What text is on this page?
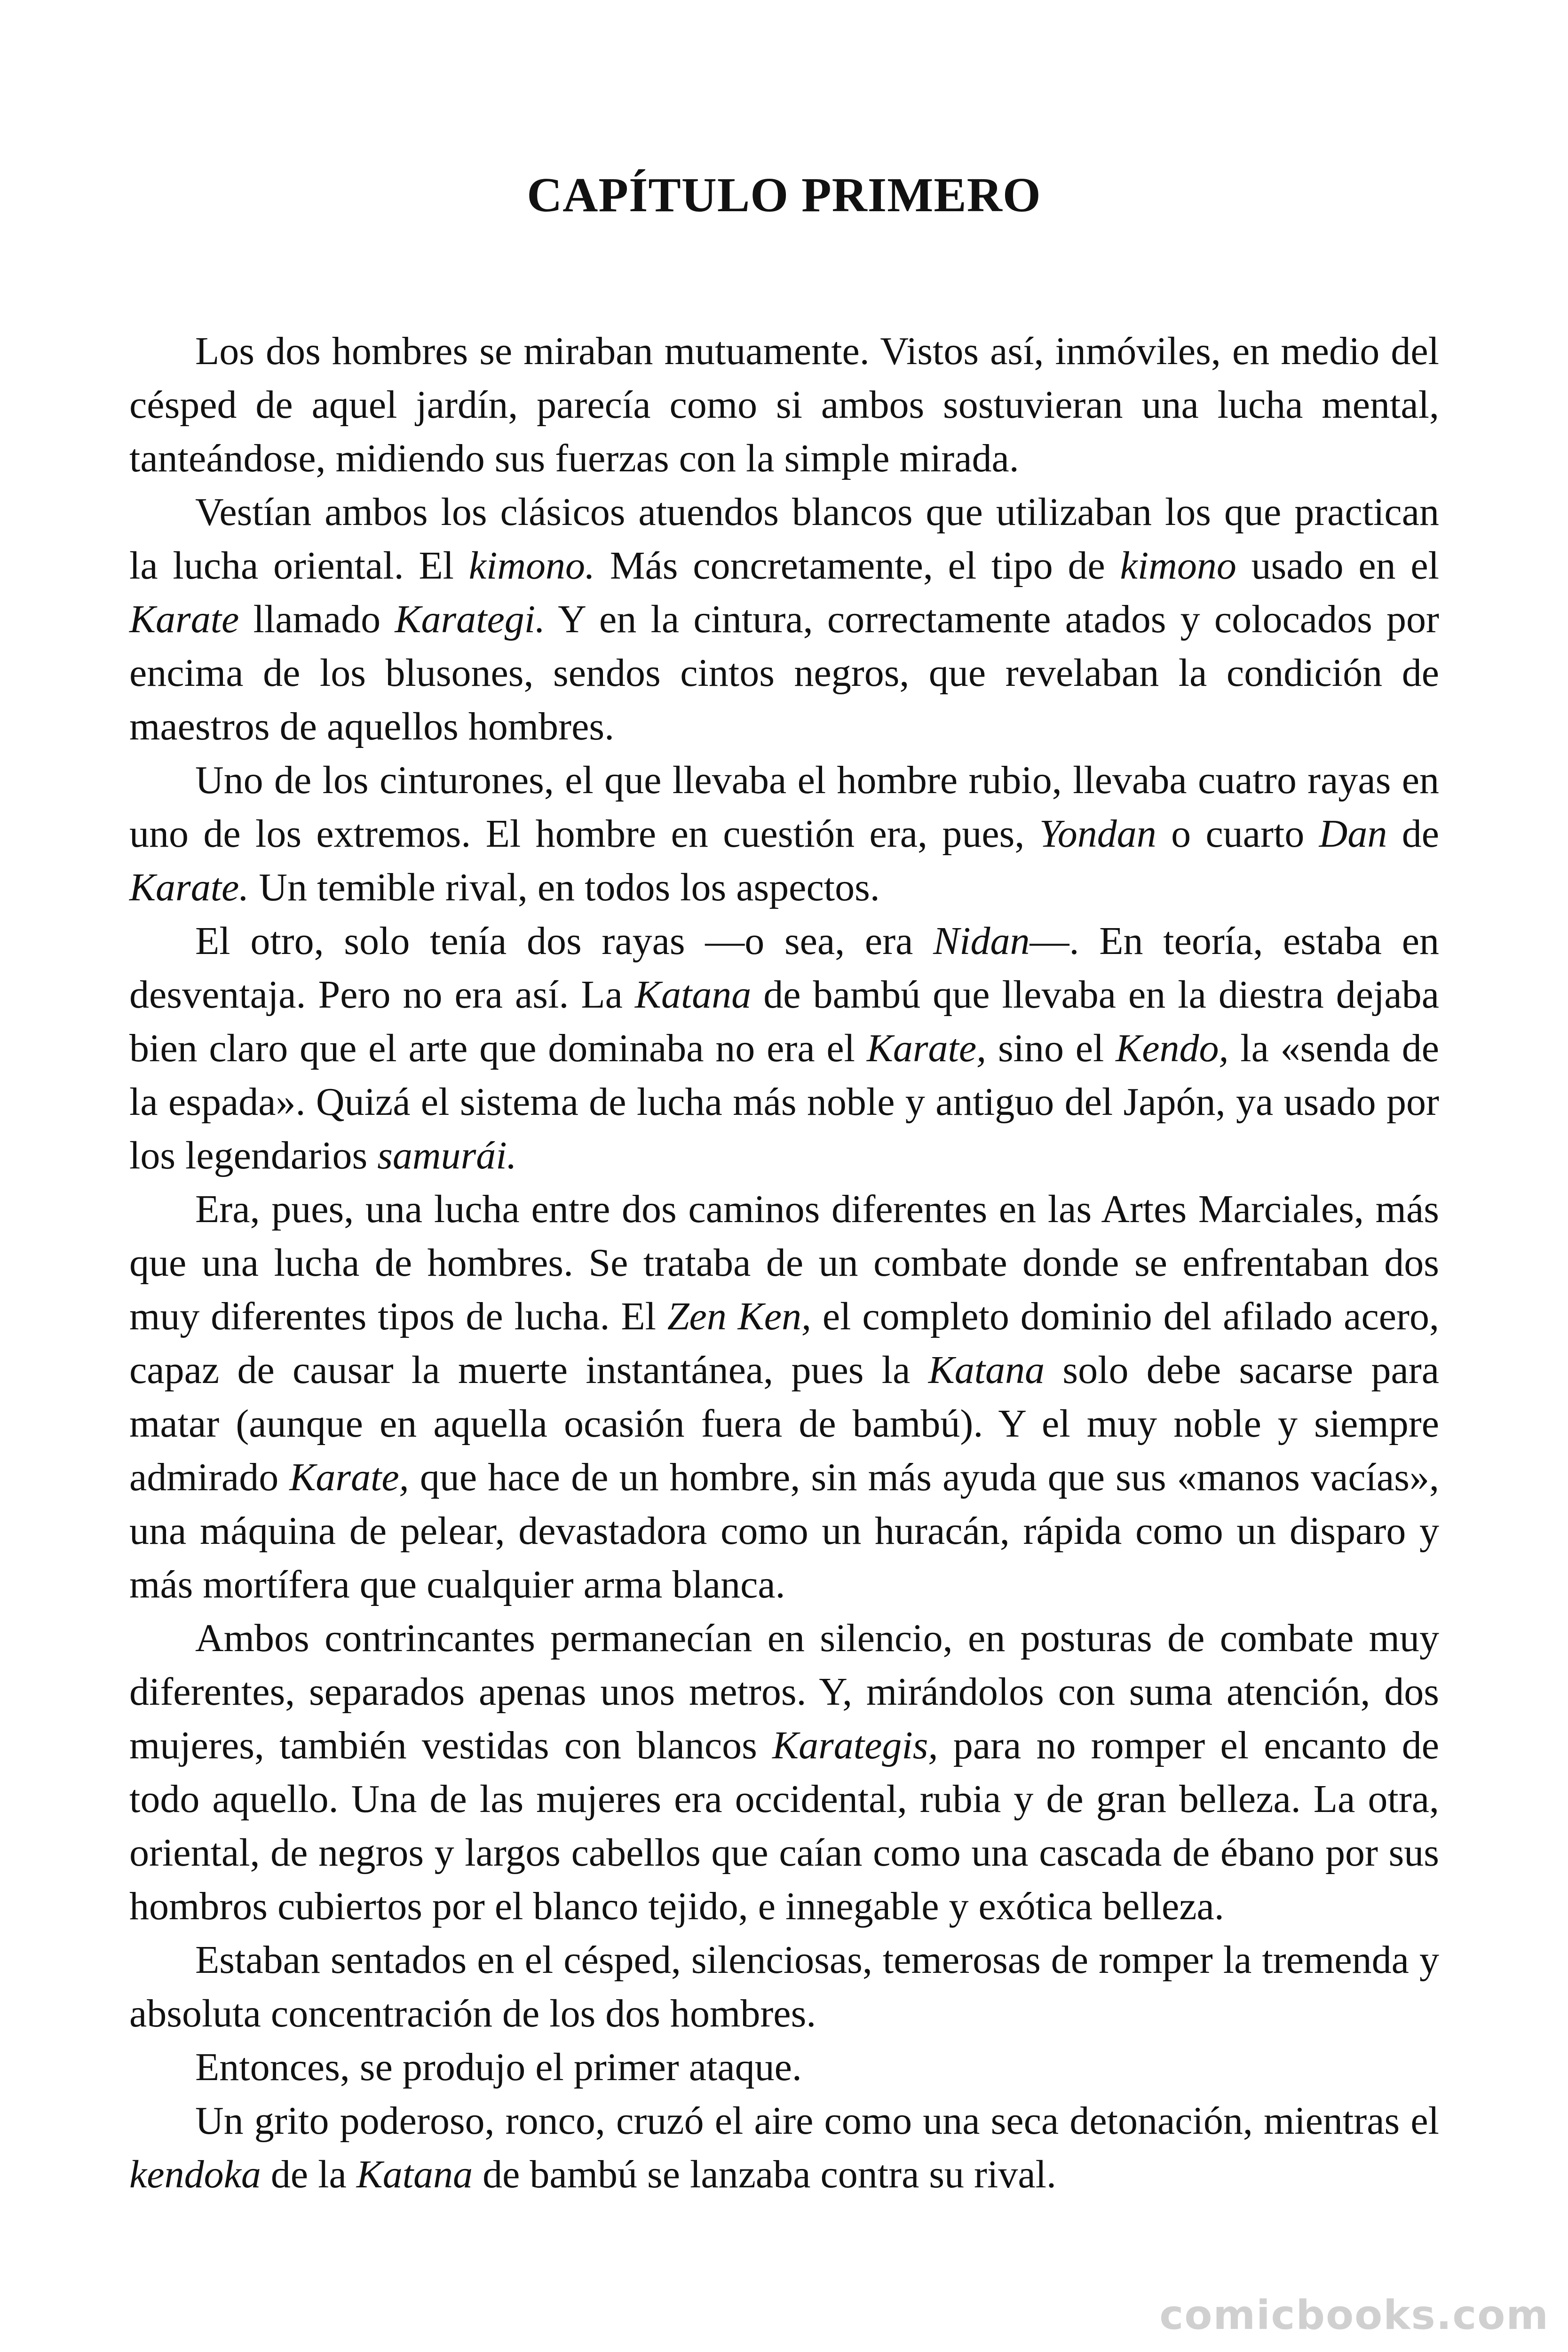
CAPÍTULO PRIMERO

Los dos hombres se miraban mutuamente. Vistos así, inmóviles, en medio del césped de aquel jardín, parecía como si ambos sostuvieran una lucha mental, tanteándose, midiendo sus fuerzas con la simple mirada.

Vestían ambos los clásicos atuendos blancos que utilizaban los que practican la lucha oriental. El kimono. Más concretamente, el tipo de kimono usado en el Karate llamado Karategi. Y en la cintura, correctamente atados y colocados por encima de los blusones, sendos cintos negros, que revelaban la condición de maestros de aquellos hombres.

Uno de los cinturones, el que llevaba el hombre rubio, llevaba cuatro rayas en uno de los extremos. El hombre en cuestión era, pues, Yondan o cuarto Dan de Karate. Un temible rival, en todos los aspectos.

El otro, solo tenía dos rayas —o sea, era Nidan—. En teoría, estaba en desventaja. Pero no era así. La Katana de bambú que llevaba en la diestra dejaba bien claro que el arte que dominaba no era el Karate, sino el Kendo, la «senda de la espada». Quizá el sistema de lucha más noble y antiguo del Japón, ya usado por los legendarios samurái.

Era, pues, una lucha entre dos caminos diferentes en las Artes Marciales, más que una lucha de hombres. Se trataba de un combate donde se enfrentaban dos muy diferentes tipos de lucha. El Zen Ken, el completo dominio del afilado acero, capaz de causar la muerte instantánea, pues la Katana solo debe sacarse para matar (aunque en aquella ocasión fuera de bambú). Y el muy noble y siempre admirado Karate, que hace de un hombre, sin más ayuda que sus «manos vacías», una máquina de pelear, devastadora como un huracán, rápida como un disparo y más mortífera que cualquier arma blanca.

Ambos contrincantes permanecían en silencio, en posturas de combate muy diferentes, separados apenas unos metros. Y, mirándolos con suma atención, dos mujeres, también vestidas con blancos Karategis, para no romper el encanto de todo aquello. Una de las mujeres era occidental, rubia y de gran belleza. La otra, oriental, de negros y largos cabellos que caían como una cascada de ébano por sus hombros cubiertos por el blanco tejido, e innegable y exótica belleza.

Estaban sentados en el césped, silenciosas, temerosas de romper la tremenda y absoluta concentración de los dos hombres.

Entonces, se produjo el primer ataque.

Un grito poderoso, ronco, cruzó el aire como una seca detonación, mientras el kendoka de la Katana de bambú se lanzaba contra su rival.

comicbooks.com
